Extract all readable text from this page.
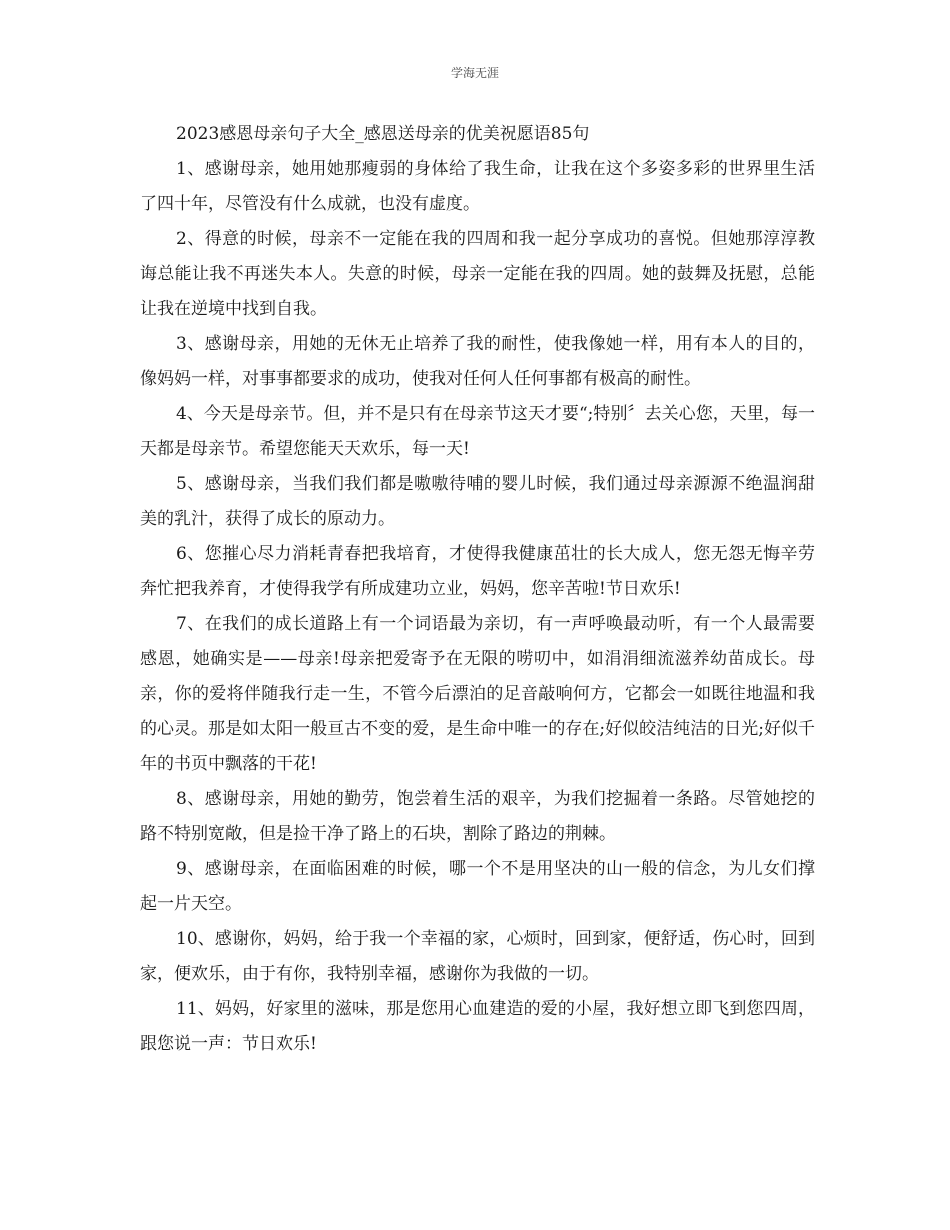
学海无涯
2023感恩母亲句子大全_感恩送母亲的优美祝愿语85句

1、感谢母亲，她用她那瘦弱的身体给了我生命，让我在这个多姿多彩的世界里生活了四十年，尽管没有什么成就，也没有虚度。

2、得意的时候，母亲不一定能在我的四周和我一起分享成功的喜悦。但她那淳淳教诲总能让我不再迷失本人。失意的时候，母亲一定能在我的四周。她的鼓舞及抚慰，总能让我在逆境中找到自我。

3、感谢母亲，用她的无休无止培养了我的耐性，使我像她一样，用有本人的目的，像妈妈一样，对事事都要求的成功，使我对任何人任何事都有极高的耐性。

4、今天是母亲节。但，并不是只有在母亲节这天才要“;特别〞去关心您，天里，每一天都是母亲节。希望您能天天欢乐，每一天!

5、感谢母亲，当我们我们都是嗷嗷待哺的婴儿时候，我们通过母亲源源不绝温润甜美的乳汁，获得了成长的原动力。

6、您摧心尽力消耗青春把我培育，才使得我健康茁壮的长大成人，您无怨无悔辛劳奔忙把我养育，才使得我学有所成建功立业，妈妈，您辛苦啦!节日欢乐!

7、在我们的成长道路上有一个词语最为亲切，有一声呼唤最动听，有一个人最需要感恩，她确实是——母亲!母亲把爱寄予在无限的唠叨中，如涓涓细流滋养幼苗成长。母亲，你的爱将伴随我行走一生，不管今后漂泊的足音敲响何方，它都会一如既往地温和我的心灵。那是如太阳一般亘古不变的爱，是生命中唯一的存在;好似皎洁纯洁的日光;好似千年的书页中飘落的干花!

8、感谢母亲，用她的勤劳，饱尝着生活的艰辛，为我们挖掘着一条路。尽管她挖的路不特别宽敞，但是捡干净了路上的石块，割除了路边的荆棘。

9、感谢母亲，在面临困难的时候，哪一个不是用坚决的山一般的信念，为儿女们撑起一片天空。

10、感谢你，妈妈，给于我一个幸福的家，心烦时，回到家，便舒适，伤心时，回到家，便欢乐，由于有你，我特别幸福，感谢你为我做的一切。

11、妈妈，好家里的滋味，那是您用心血建造的爱的小屋，我好想立即飞到您四周，跟您说一声：节日欢乐!
